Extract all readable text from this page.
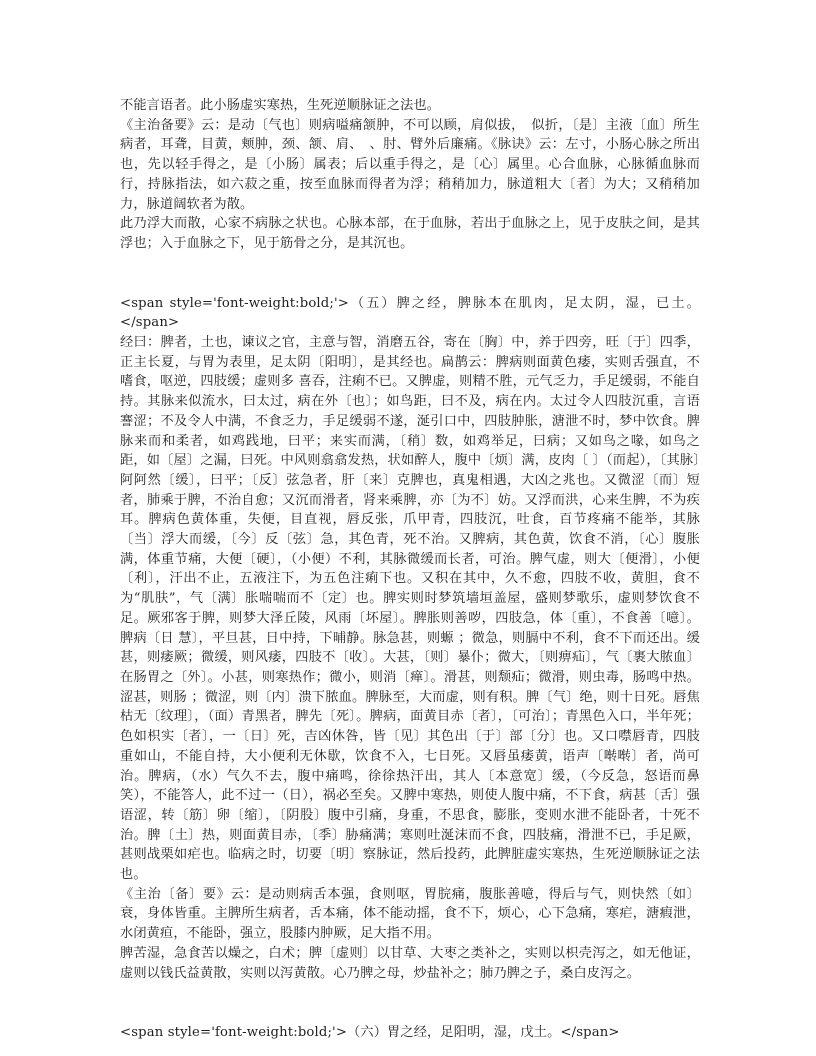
不能言语者。此小肠虚实寒热，生死逆顺脉证之法也。

《主治备要》云：是动〔气也〕则病嗌痛颔肿，不可以顾，肩似拔，　似折，〔是〕主液〔血〕所生病者，耳聋，目黄，颊肿，颈、颔、肩、　、肘、臂外后廉痛。《脉诀》云：左寸，小肠心脉之所出也，先以轻手得之，是〔小肠〕属表；后以重手得之，是〔心〕属里。心合血脉，心脉循血脉而行，持脉指法，如六菽之重，按至血脉而得者为浮；稍稍加力，脉道粗大〔者〕为大；又稍稍加力，脉道阔软者为散。

此乃浮大而散，心家不病脉之状也。心脉本部，在于血脉，若出于血脉之上，见于皮肤之间，是其浮也；入于血脉之下，见于筋骨之分，是其沉也。

<span style='font-weight:bold;'>（五）脾之经，脾脉本在肌肉，足太阴，湿，已土。</span>

经曰：脾者，土也，谏议之官，主意与智，消磨五谷，寄在〔胸〕中，养于四旁，旺〔于〕四季，正主长夏，与胃为表里，足太阴〔阳明〕，是其经也。扁鹊云：脾病则面黄色痿，实则舌强直，不嗜食，呕逆，四肢缓；虚则多 喜吞，注痢不已。又脾虚，则精不胜，元气乏力，手足缓弱，不能自持。其脉来似流水，曰太过，病在外〔也〕；如鸟距，曰不及，病在内。太过令人四肢沉重，言语謇涩；不及令人中满，不食乏力，手足缓弱不遂，涎引口中，四肢肿胀，溏泄不时，梦中饮食。脾脉来而和柔者，如鸡践地，曰平；来实而满，〔稍〕数，如鸡举足，曰病；又如鸟之喙，如鸟之距，如〔屋〕之漏，曰死。中风则翕翕发热，状如醉人，腹中〔烦〕满，皮肉〔 〕（而起），〔其脉〕阿阿然〔缓〕，曰平；〔反〕弦急者，肝〔来〕克脾也，真鬼相遇，大凶之兆也。又微涩〔而〕短者，肺乘于脾，不治自愈；又沉而滑者，肾来乘脾，亦〔为不〕妨。又浮而洪，心来生脾，不为疾耳。脾病色黄体重，失便，目直视，唇反张，爪甲青，四肢沉，吐食，百节疼痛不能举，其脉〔当〕浮大而缓，〔今〕反〔弦〕急，其色青，死不治。又脾病，其色黄，饮食不消，〔心〕腹胀满，体重节痛，大便〔硬〕，（小便）不利，其脉微缓而长者，可治。脾气虚，则大〔便滑〕，小便〔利〕，汗出不止，五液注下，为五色注痢下也。又积在其中，久不愈，四肢不收，黄胆，食不为“肌肤”，气〔满〕胀喘喘而不〔定〕也。脾实则时梦筑墙垣盖屋，盛则梦歌乐，虚则梦饮食不足。厥邪客于脾，则梦大泽丘陵，风雨〔坏屋〕。脾胀则善哕，四肢急，体〔重〕，不食善〔噫〕。脾病〔日 慧〕，平旦甚，日中持，下晡静。脉急甚，则螈 ；微急，则膈中不利，食不下而还出。缓甚，则痿厥；微缓，则风痿，四肢不〔收〕。大甚，〔则〕暴仆；微大，〔则痹疝〕，气〔裹大脓血〕在肠胃之〔外〕。小甚，则寒热作；微小，则消〔瘅〕。滑甚，则颓疝；微滑，则虫毒，肠鸣中热。涩甚，则肠 ；微涩，则〔内〕溃下脓血。脾脉至，大而虚，则有积。脾〔气〕绝，则十日死。唇焦枯无〔纹理〕，（面）青黑者，脾先〔死〕。脾病，面黄目赤〔者〕，〔可治〕；青黑色入口，半年死；色如枳实〔者〕，一〔日〕死，吉凶休咎，皆〔见〕其色出〔于〕部〔分〕也。又口噤唇青，四肢重如山，不能自持，大小便利无休歇，饮食不入，七日死。又唇虽痿黄，语声〔啭啭〕者，尚可治。脾病，（水）气久不去，腹中痛鸣，徐徐热汗出，其人〔本意宽〕缓，（今反急，怒语而鼻笑），不能答人，此不过一（日），祸必至矣。又脾中寒热，则使人腹中痛，不下食，病甚〔舌〕强语涩，转〔筋〕卵〔缩〕，〔阴股〕腹中引痛，身重，不思食，膨胀，变则水泄不能卧者，十死不治。脾〔土〕热，则面黄目赤，〔季〕胁痛满；寒则吐涎沫而不食，四肢痛，滑泄不已，手足厥，甚则战栗如疟也。临病之时，切要〔明〕察脉证，然后投药，此脾脏虚实寒热，生死逆顺脉证之法也。

《主治〔备〕要》云：是动则病舌本强，食则呕，胃脘痛，腹胀善噫，得后与气，则快然〔如〕衰，身体皆重。主脾所生病者，舌本痛，体不能动摇，食不下，烦心，心下急痛，寒疟，溏瘕泄，水闭黄疸，不能卧，强立，股膝内肿厥，足大指不用。

脾苦湿，急食苦以燥之，白术；脾〔虚则〕以甘草、大枣之类补之，实则以枳壳泻之，如无他证，虚则以钱氏益黄散，实则以泻黄散。心乃脾之母，炒盐补之；肺乃脾之子，桑白皮泻之。

<span style='font-weight:bold;'>（六）胃之经，足阳明，湿，戊土。</span>
